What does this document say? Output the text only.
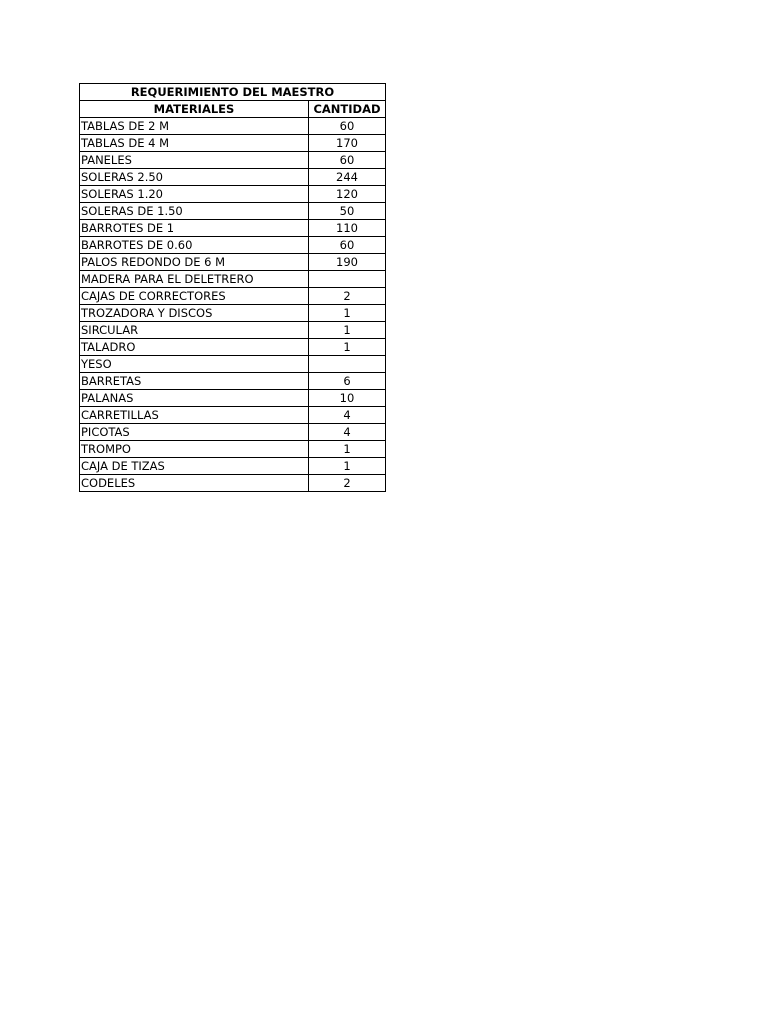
REQUERIMIENTO DEL MAESTRO	
MATERIALES	CANTIDAD
TABLAS DE 2 M	60
TABLAS DE 4 M	170
PANELES	60
SOLERAS 2.50	244
SOLERAS 1.20	120
SOLERAS DE 1.50	50
BARROTES DE 1	110
BARROTES DE 0.60	60
PALOS REDONDO DE 6 M	190
MADERA PARA EL DELETRERO	
CAJAS DE CORRECTORES	2
TROZADORA Y DISCOS	1
SIRCULAR	1
TALADRO	1
YESO	
BARRETAS	6
PALANAS	10
CARRETILLAS	4
PICOTAS	4
TROMPO	1
CAJA DE TIZAS	1
CODELES	2
